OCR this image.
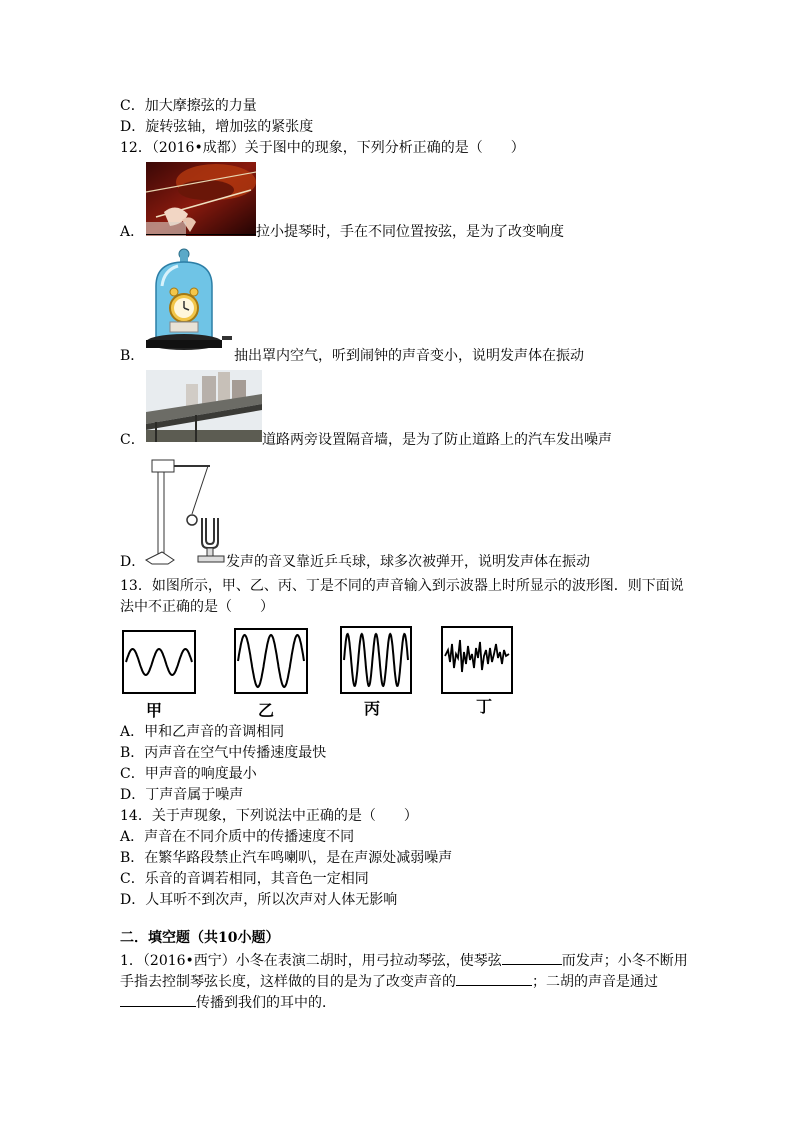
C．加大摩擦弦的力量
D．旋转弦轴，增加弦的紧张度
12．（2016•成都）关于图中的现象，下列分析正确的是（　　）
A．	拉小提琴时，手在不同位置按弦，是为了改变响度
B．	抽出罩内空气，听到闹钟的声音变小，说明发声体在振动
C．	道路两旁设置隔音墙，是为了防止道路上的汽车发出噪声
D．	发声的音叉靠近乒乓球，球多次被弹开，说明发声体在振动
13．如图所示，甲、乙、丙、丁是不同的声音输入到示波器上时所显示的波形图．则下面说
法中不正确的是（　　）
甲	乙	丙	丁
A．甲和乙声音的音调相同
B．丙声音在空气中传播速度最快
C．甲声音的响度最小
D．丁声音属于噪声
14．关于声现象，下列说法中正确的是（　　）
A．声音在不同介质中的传播速度不同
B．在繁华路段禁止汽车鸣喇叭，是在声源处减弱噪声
C．乐音的音调若相同，其音色一定相同
D．人耳听不到次声，所以次声对人体无影响
二．填空题（共10小题）
1．（2016•西宁）小冬在表演二胡时，用弓拉动琴弦，使琴弦	而发声；小冬不断用
手指去控制琴弦长度，这样做的目的是为了改变声音的	；二胡的声音是通过
传播到我们的耳中的．
